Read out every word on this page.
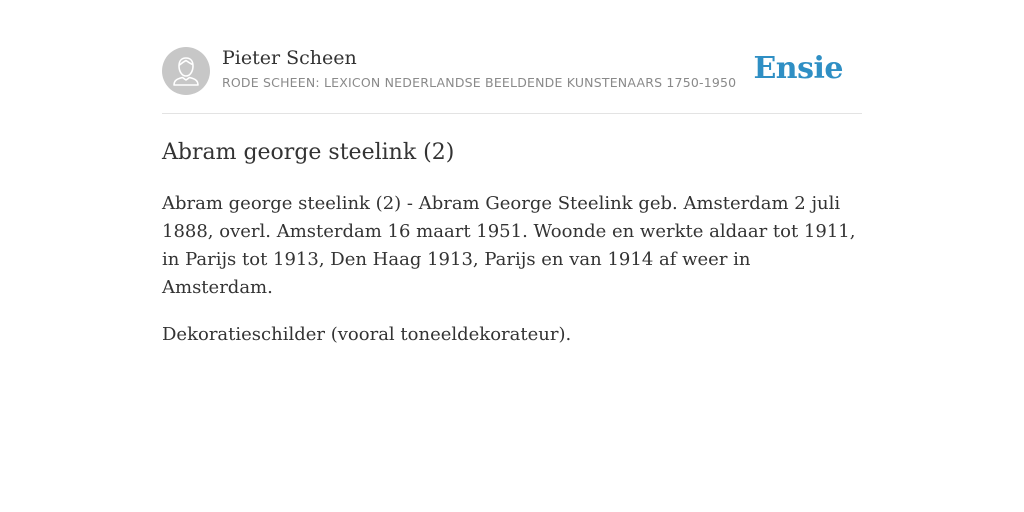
Pieter Scheen
RODE SCHEEN: LEXICON NEDERLANDSE BEELDENDE KUNSTENAARS 1750-1950 Ensie
Abram george steelink (2)

Abram george steelink (2) - Abram George Steelink geb. Amsterdam 2 juli 1888, overl. Amsterdam 16 maart 1951. Woonde en werkte aldaar tot 1911, in Parijs tot 1913, Den Haag 1913, Parijs en van 1914 af weer in Amsterdam.

Dekoratieschilder (vooral toneeldekorateur).
